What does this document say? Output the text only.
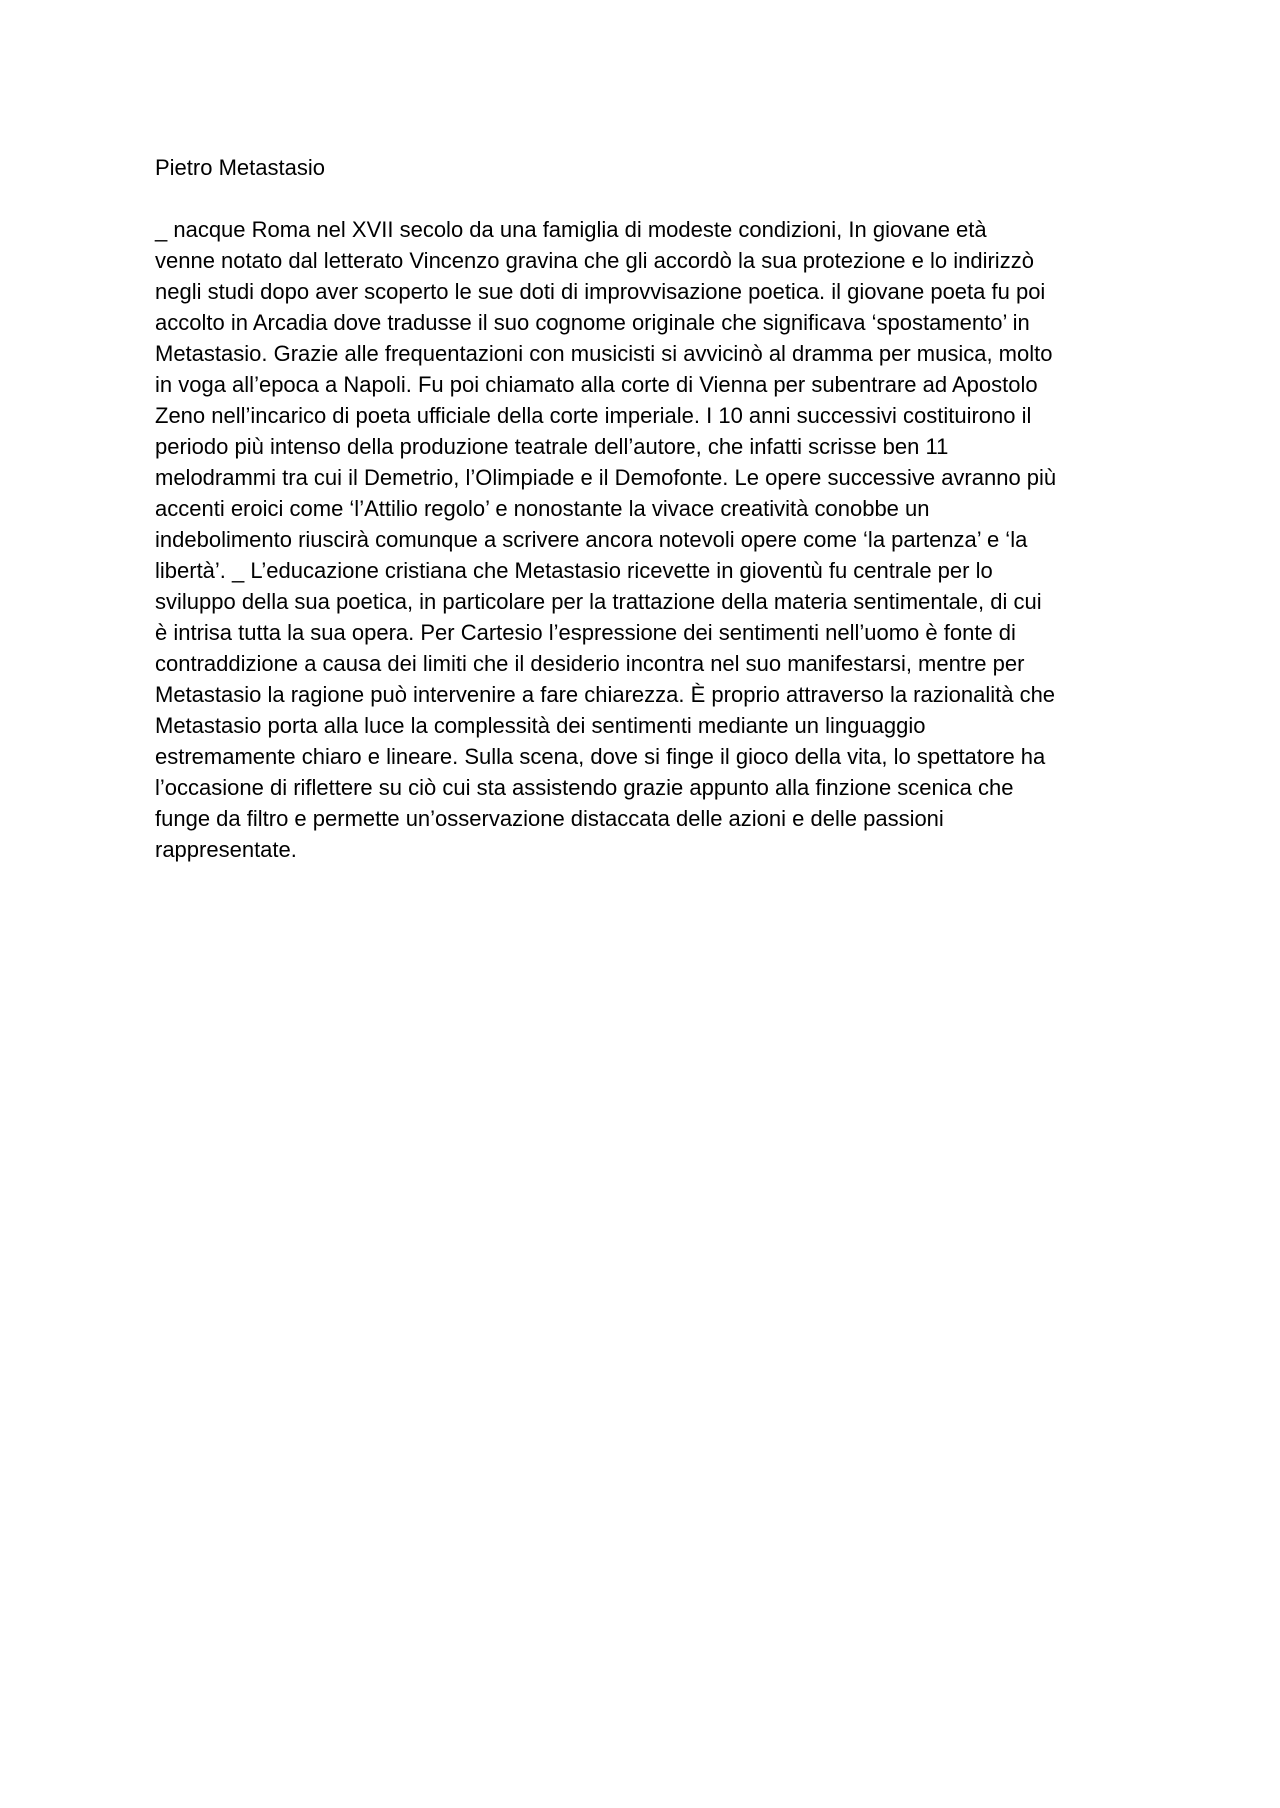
Pietro Metastasio
_ nacque Roma nel XVII secolo da una famiglia di modeste condizioni, In giovane età
venne notato dal letterato Vincenzo gravina che gli accordò la sua protezione e lo indirizzò
negli studi dopo aver scoperto le sue doti di improvvisazione poetica. il giovane poeta fu poi
accolto in Arcadia dove tradusse il suo cognome originale che significava ‘spostamento’ in
Metastasio. Grazie alle frequentazioni con musicisti si avvicinò al dramma per musica, molto
in voga all’epoca a Napoli. Fu poi chiamato alla corte di Vienna per subentrare ad Apostolo
Zeno nell’incarico di poeta ufficiale della corte imperiale. I 10 anni successivi costituirono il
periodo più intenso della produzione teatrale dell’autore, che infatti scrisse ben 11
melodrammi tra cui il Demetrio, l’Olimpiade e il Demofonte. Le opere successive avranno più
accenti eroici come ‘l’Attilio regolo’ e nonostante la vivace creatività conobbe un
indebolimento riuscirà comunque a scrivere ancora notevoli opere come ‘la partenza’ e ‘la
libertà’. _ L’educazione cristiana che Metastasio ricevette in gioventù fu centrale per lo
sviluppo della sua poetica, in particolare per la trattazione della materia sentimentale, di cui
è intrisa tutta la sua opera. Per Cartesio l’espressione dei sentimenti nell’uomo è fonte di
contraddizione a causa dei limiti che il desiderio incontra nel suo manifestarsi, mentre per
Metastasio la ragione può intervenire a fare chiarezza. È proprio attraverso la razionalità che
Metastasio porta alla luce la complessità dei sentimenti mediante un linguaggio
estremamente chiaro e lineare. Sulla scena, dove si finge il gioco della vita, lo spettatore ha
l’occasione di riflettere su ciò cui sta assistendo grazie appunto alla finzione scenica che
funge da filtro e permette un’osservazione distaccata delle azioni e delle passioni
rappresentate.
